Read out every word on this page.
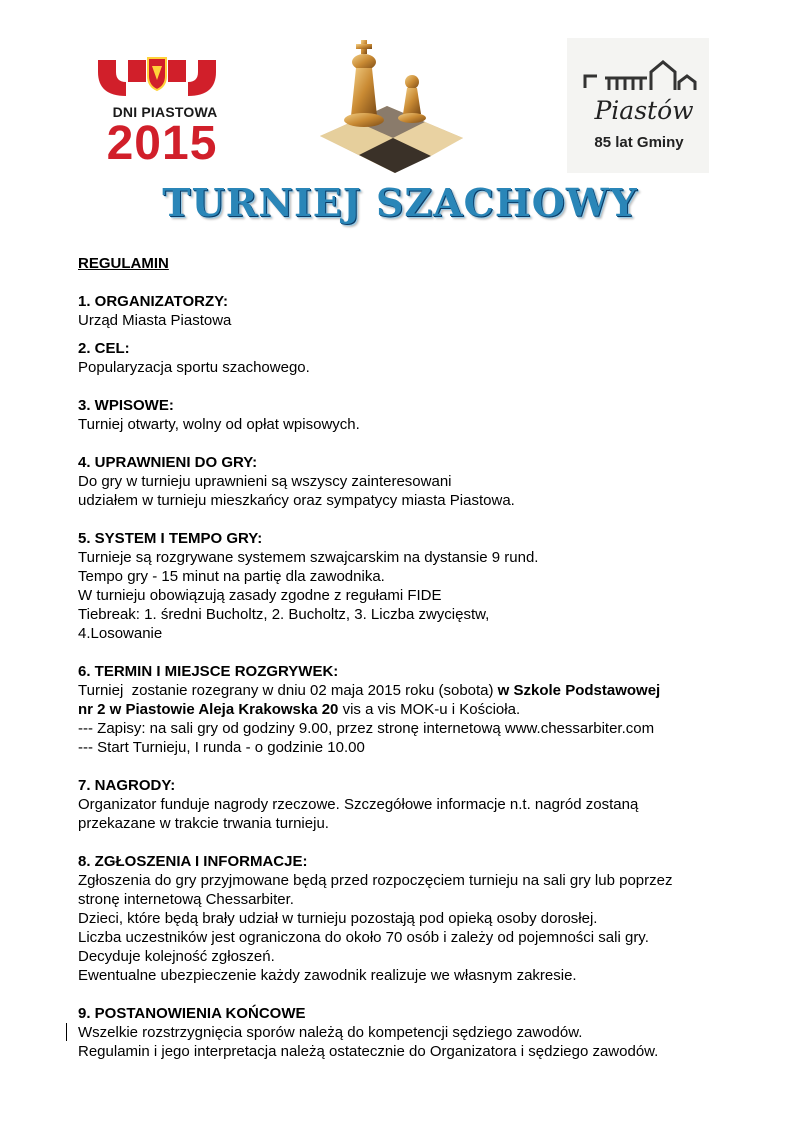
DNI PIASTOWA
2015
Piastów
85 lat Gminy
TURNIEJ SZACHOWY
REGULAMIN
1. ORGANIZATORZY:
Urząd Miasta Piastowa
2. CEL:
Popularyzacja sportu szachowego.
3. WPISOWE:
Turniej otwarty, wolny od opłat wpisowych.
4. UPRAWNIENI DO GRY:
Do gry w turnieju uprawnieni są wszyscy zainteresowani
udziałem w turnieju mieszkańcy oraz sympatycy miasta Piastowa.
5. SYSTEM I TEMPO GRY:
Turnieje są rozgrywane systemem szwajcarskim na dystansie 9 rund.
Tempo gry - 15 minut na partię dla zawodnika.
W turnieju obowiązują zasady zgodne z regułami FIDE
Tiebreak: 1. średni Bucholtz, 2. Bucholtz, 3. Liczba zwycięstw,
4.Losowanie
6. TERMIN I MIEJSCE ROZGRYWEK:
Turniej  zostanie rozegrany w dniu 02 maja 2015 roku (sobota) w Szkole Podstawowej
nr 2 w Piastowie Aleja Krakowska 20 vis a vis MOK-u i Kościoła.
--- Zapisy: na sali gry od godziny 9.00, przez stronę internetową www.chessarbiter.com
--- Start Turnieju, I runda - o godzinie 10.00
7. NAGRODY:
Organizator funduje nagrody rzeczowe. Szczegółowe informacje n.t. nagród zostaną
przekazane w trakcie trwania turnieju.
8. ZGŁOSZENIA I INFORMACJE:
Zgłoszenia do gry przyjmowane będą przed rozpoczęciem turnieju na sali gry lub poprzez
stronę internetową Chessarbiter.
Dzieci, które będą brały udział w turnieju pozostają pod opieką osoby dorosłej.
Liczba uczestników jest ograniczona do około 70 osób i zależy od pojemności sali gry.
Decyduje kolejność zgłoszeń.
Ewentualne ubezpieczenie każdy zawodnik realizuje we własnym zakresie.
9. POSTANOWIENIA KOŃCOWE
Wszelkie rozstrzygnięcia sporów należą do kompetencji sędziego zawodów.
Regulamin i jego interpretacja należą ostatecznie do Organizatora i sędziego zawodów.
